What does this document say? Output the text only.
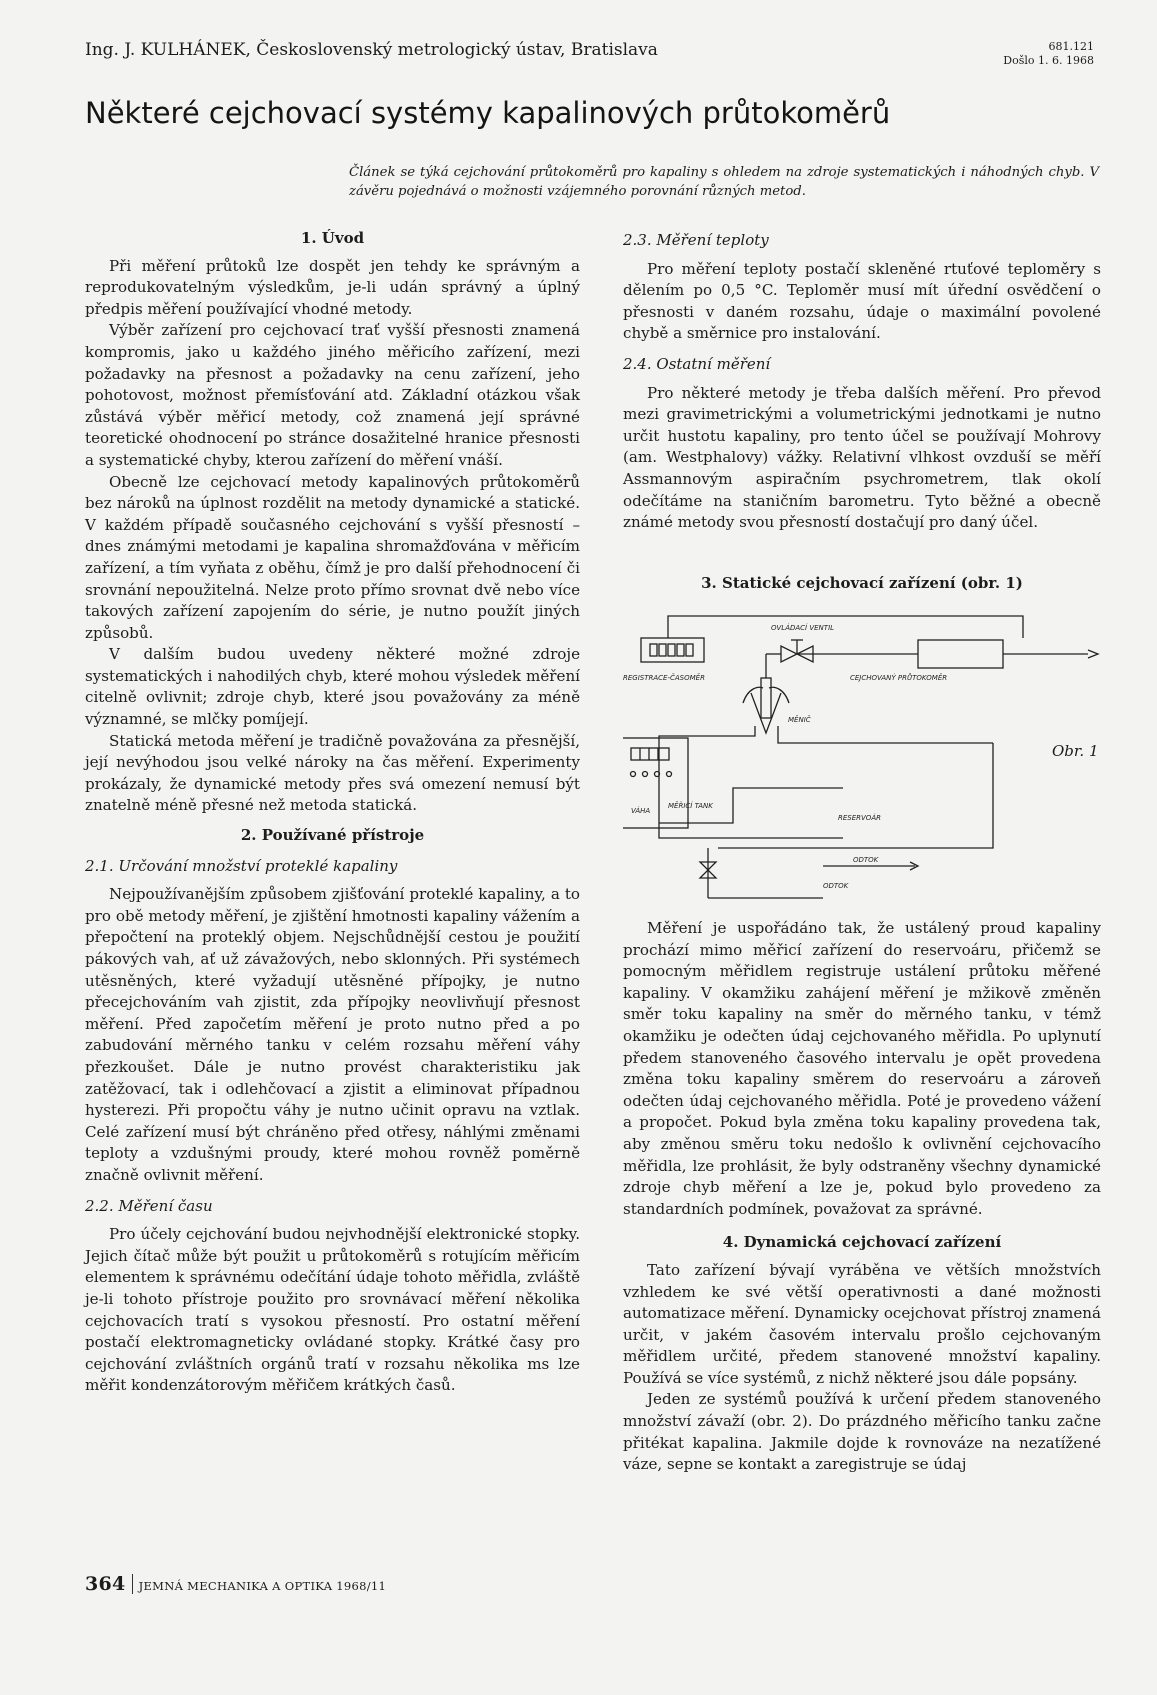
Ing. J. KULHÁNEK, Československý metrologický ústav, Bratislava	681.121
Došlo 1. 6. 1968
Některé cejchovací systémy kapalinových průtokoměrů
Článek se týká cejchování průtokoměrů pro kapaliny s ohledem na zdroje systematických i náhodných chyb. V závěru pojednává o možnosti vzájemného porovnání různých metod.
1. Úvod

Při měření průtoků lze dospět jen tehdy ke správným a reprodukovatelným výsledkům, je-li udán správný a úplný předpis měření používající vhodné metody.

Výběr zařízení pro cejchovací trať vyšší přesnosti znamená kompromis, jako u každého jiného měřicího zařízení, mezi požadavky na přesnost a požadavky na cenu zařízení, jeho pohotovost, možnost přemísťování atd. Základní otázkou však zůstává výběr měřicí metody, což znamená její správné teoretické ohodnocení po stránce dosažitelné hranice přesnosti a systematické chyby, kterou zařízení do měření vnáší.

Obecně lze cejchovací metody kapalinových průtokoměrů bez nároků na úplnost rozdělit na metody dynamické a statické. V každém případě současného cejchování s vyšší přesností – dnes známými metodami je kapalina shromažďována v měřicím zařízení, a tím vyňata z oběhu, čímž je pro další přehodnocení či srovnání nepoužitelná. Nelze proto přímo srovnat dvě nebo více takových zařízení zapojením do série, je nutno použít jiných způsobů.

V dalším budou uvedeny některé možné zdroje systematických i nahodilých chyb, které mohou výsledek měření citelně ovlivnit; zdroje chyb, které jsou považovány za méně významné, se mlčky pomíjejí.

Statická metoda měření je tradičně považována za přesnější, její nevýhodou jsou velké nároky na čas měření. Experimenty prokázaly, že dynamické metody přes svá omezení nemusí být znatelně méně přesné než metoda statická.

2. Používané přístroje
2.1. Určování množství proteklé kapaliny

Nejpoužívanějším způsobem zjišťování proteklé kapaliny, a to pro obě metody měření, je zjištění hmotnosti kapaliny vážením a přepočtení na proteklý objem. Nejschůdnější cestou je použití pákových vah, ať už závažových, nebo sklonných. Při systémech utěsněných, které vyžadují utěsněné přípojky, je nutno přecejchováním vah zjistit, zda přípojky neovlivňují přesnost měření. Před započetím měření je proto nutno před a po zabudování měrného tanku v celém rozsahu měření váhy přezkoušet. Dále je nutno provést charakteristiku jak zatěžovací, tak i odlehčovací a zjistit a eliminovat případnou hysterezi. Při propočtu váhy je nutno učinit opravu na vztlak. Celé zařízení musí být chráněno před otřesy, náhlými změnami teploty a vzdušnými proudy, které mohou rovněž poměrně značně ovlivnit měření.

2.2. Měření času

Pro účely cejchování budou nejvhodnější elektronické stopky. Jejich čítač může být použit u průtokoměrů s rotujícím měřicím elementem k správnému odečítání údaje tohoto měřidla, zvláště je-li tohoto přístroje použito pro srovnávací měření několika cejchovacích tratí s vysokou přesností. Pro ostatní měření postačí elektromagneticky ovládané stopky. Krátké časy pro cejchování zvláštních orgánů tratí v rozsahu několika ms lze měřit kondenzátorovým měřičem krátkých časů.

2.3. Měření teploty

Pro měření teploty postačí skleněné rtuťové teploměry s dělením po 0,5 °C. Teploměr musí mít úřední osvědčení o přesnosti v daném rozsahu, údaje o maximální povolené chybě a směrnice pro instalování.

2.4. Ostatní měření

Pro některé metody je třeba dalších měření. Pro převod mezi gravimetrickými a volumetrickými jednotkami je nutno určit hustotu kapaliny, pro tento účel se používají Mohrovy (am. Westphalovy) vážky. Relativní vlhkost ovzduší se měří Assmannovým aspiračním psychrometrem, tlak okolí odečítáme na staničním barometru. Tyto běžné a obecně známé metody svou přesností dostačují pro daný účel.

3. Statické cejchovací zařízení (obr. 1)
OVLÁDACÍ VENTIL
REGISTRACE-ČASOMĚR	CEJCHOVANÝ PRŮTOKOMĚR
MĚNIČ
MĚŘICÍ TANK
VÁHA
RESERVOÁR
ODTOK
ODTOK
Obr. 1

Měření je uspořádáno tak, že ustálený proud kapaliny prochází mimo měřicí zařízení do reservoáru, přičemž se pomocným měřidlem registruje ustálení průtoku měřené kapaliny. V okamžiku zahájení měření je mžikově změněn směr toku kapaliny na směr do měrného tanku, v témž okamžiku je odečten údaj cejchovaného měřidla. Po uplynutí předem stanoveného časového intervalu je opět provedena změna toku kapaliny směrem do reservoáru a zároveň odečten údaj cejchovaného měřidla. Poté je provedeno vážení a propočet. Pokud byla změna toku kapaliny provedena tak, aby změnou směru toku nedošlo k ovlivnění cejchovacího měřidla, lze prohlásit, že byly odstraněny všechny dynamické zdroje chyb měření a lze je, pokud bylo provedeno za standardních podmínek, považovat za správné.

4. Dynamická cejchovací zařízení

Tato zařízení bývají vyráběna ve větších množstvích vzhledem ke své větší operativnosti a dané možnosti automatizace měření. Dynamicky ocejchovat přístroj znamená určit, v jakém časovém intervalu prošlo cejchovaným měřidlem určité, předem stanovené množství kapaliny. Používá se více systémů, z nichž některé jsou dále popsány.

Jeden ze systémů používá k určení předem stanoveného množství závaží (obr. 2). Do prázdného měřicího tanku začne přitékat kapalina. Jakmile dojde k rovnováze na nezatížené váze, sepne se kontakt a zaregistruje se údaj

364 JEMNÁ MECHANIKA A OPTIKA 1968/11
